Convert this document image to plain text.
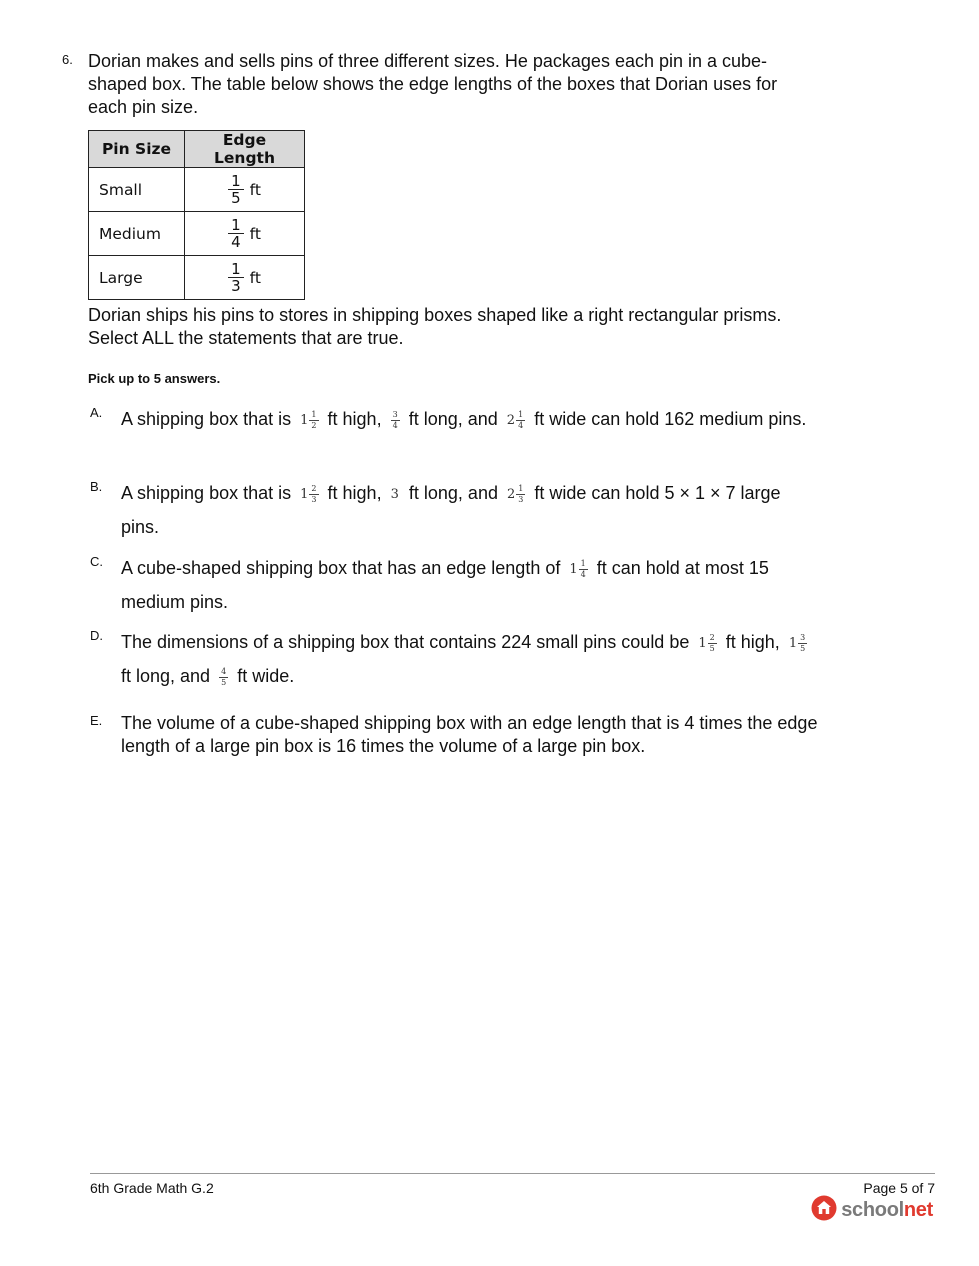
6. Dorian makes and sells pins of three different sizes. He packages each pin in a cube-shaped box. The table below shows the edge lengths of the boxes that Dorian uses for each pin size.
Pin Size	Edge Length
Small	$\frac{1}{5}$ ft
Medium	$\frac{1}{4}$ ft
Large	$\frac{1}{3}$ ft
Dorian ships his pins to stores in shipping boxes shaped like a right rectangular prisms. Select ALL the statements that are true.
Pick up to 5 answers.
A. A shipping box that is $1 \frac{1}{2}$ ft high, $\frac{3}{4}$ ft long, and $2 \frac{1}{4}$ ft wide can hold 162 medium pins.
B. A shipping box that is $1 \frac{2}{3}$ ft high, 3 ft long, and $2 \frac{1}{3}$ ft wide can hold 5 × 1 × 7 large pins.
C. A cube-shaped shipping box that has an edge length of $1 \frac{1}{4}$ ft can hold at most 15 medium pins.
D. The dimensions of a shipping box that contains 224 small pins could be $1 \frac{2}{5}$ ft high, $1 \frac{3}{5}$
ft long, and $\frac{4}{5}$ ft wide.
E. The volume of a cube-shaped shipping box with an edge length that is 4 times the edge length of a large pin box is 16 times the volume of a large pin box.
6th Grade Math G.2	Page 5 of 7
schoolnet
